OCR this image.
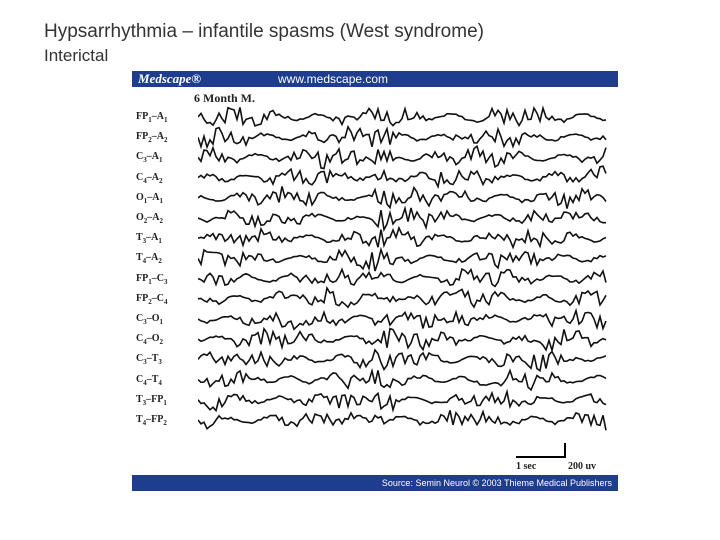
Hypsarrhythmia – infantile spasms (West syndrome)
Interictal
Medscape®	www.medscape.com
6 Month M.
$FP_1-A_1$
$FP_2-A_2$
$C_3-A_1$
$C_4-A_2$
$O_1-A_1$
$O_2-A_2$
$T_3-A_1$
$T_4-A_2$
$FP_1-C_3$
$FP_2-C_4$
$C_3-O_1$
$C_4-O_2$
$C_3-T_3$
$C_4-T_4$
$T_3-FP_1$
$T_4-FP_2$
1 sec	200 uv
Source: Semin Neurol © 2003 Thieme Medical Publishers
